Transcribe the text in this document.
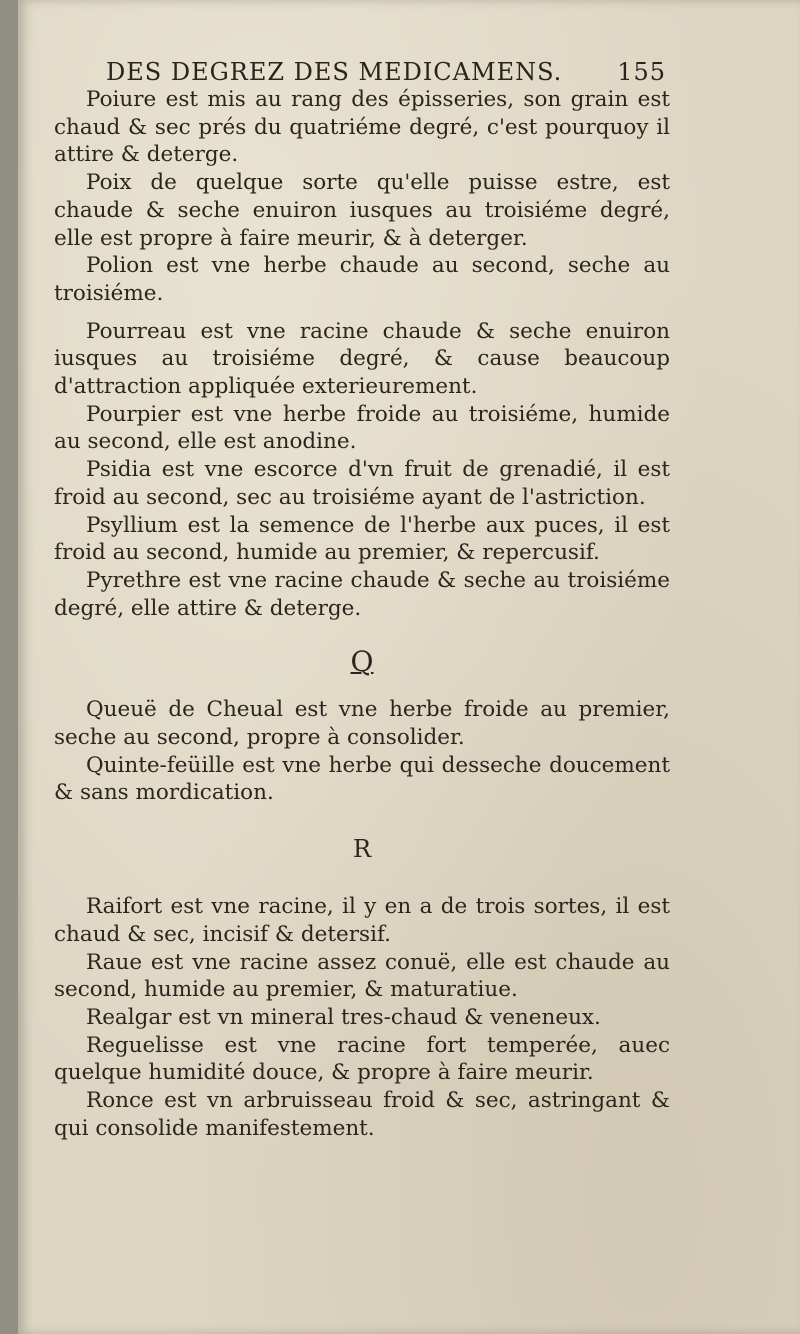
DES DEGREZ DES MEDICAMENS. 155

Poiure est mis au rang des épisseries, son grain est chaud & sec prés du quatriéme degré, c'est pourquoy il attire & deterge.

Poix de quelque sorte qu'elle puisse estre, est chaude & seche enuiron iusques au troisiéme degré, elle est propre à faire meurir, & à deterger.

Polion est vne herbe chaude au second, seche au troisiéme.

Pourreau est vne racine chaude & seche enuiron iusques au troisiéme degré, & cause beaucoup d'attraction appliquée exterieurement.

Pourpier est vne herbe froide au troisiéme, humide au second, elle est anodine.

Psidia est vne escorce d'vn fruit de grenadié, il est froid au second, sec au troisiéme ayant de l'astriction.

Psyllium est la semence de l'herbe aux puces, il est froid au second, humide au premier, & repercusif.

Pyrethre est vne racine chaude & seche au troisiéme degré, elle attire & deterge.

Q

Queuë de Cheual est vne herbe froide au premier, seche au second, propre à consolider.

Quinte-feüille est vne herbe qui desseche doucement & sans mordication.

R

Raifort est vne racine, il y en a de trois sortes, il est chaud & sec, incisif & detersif.

Raue est vne racine assez conuë, elle est chaude au second, humide au premier, & maturatiue.

Realgar est vn mineral tres-chaud & veneneux.

Reguelisse est vne racine fort temperée, auec quelque humidité douce, & propre à faire meurir.

Ronce est vn arbruisseau froid & sec, astringant & qui consolide manifestement.
